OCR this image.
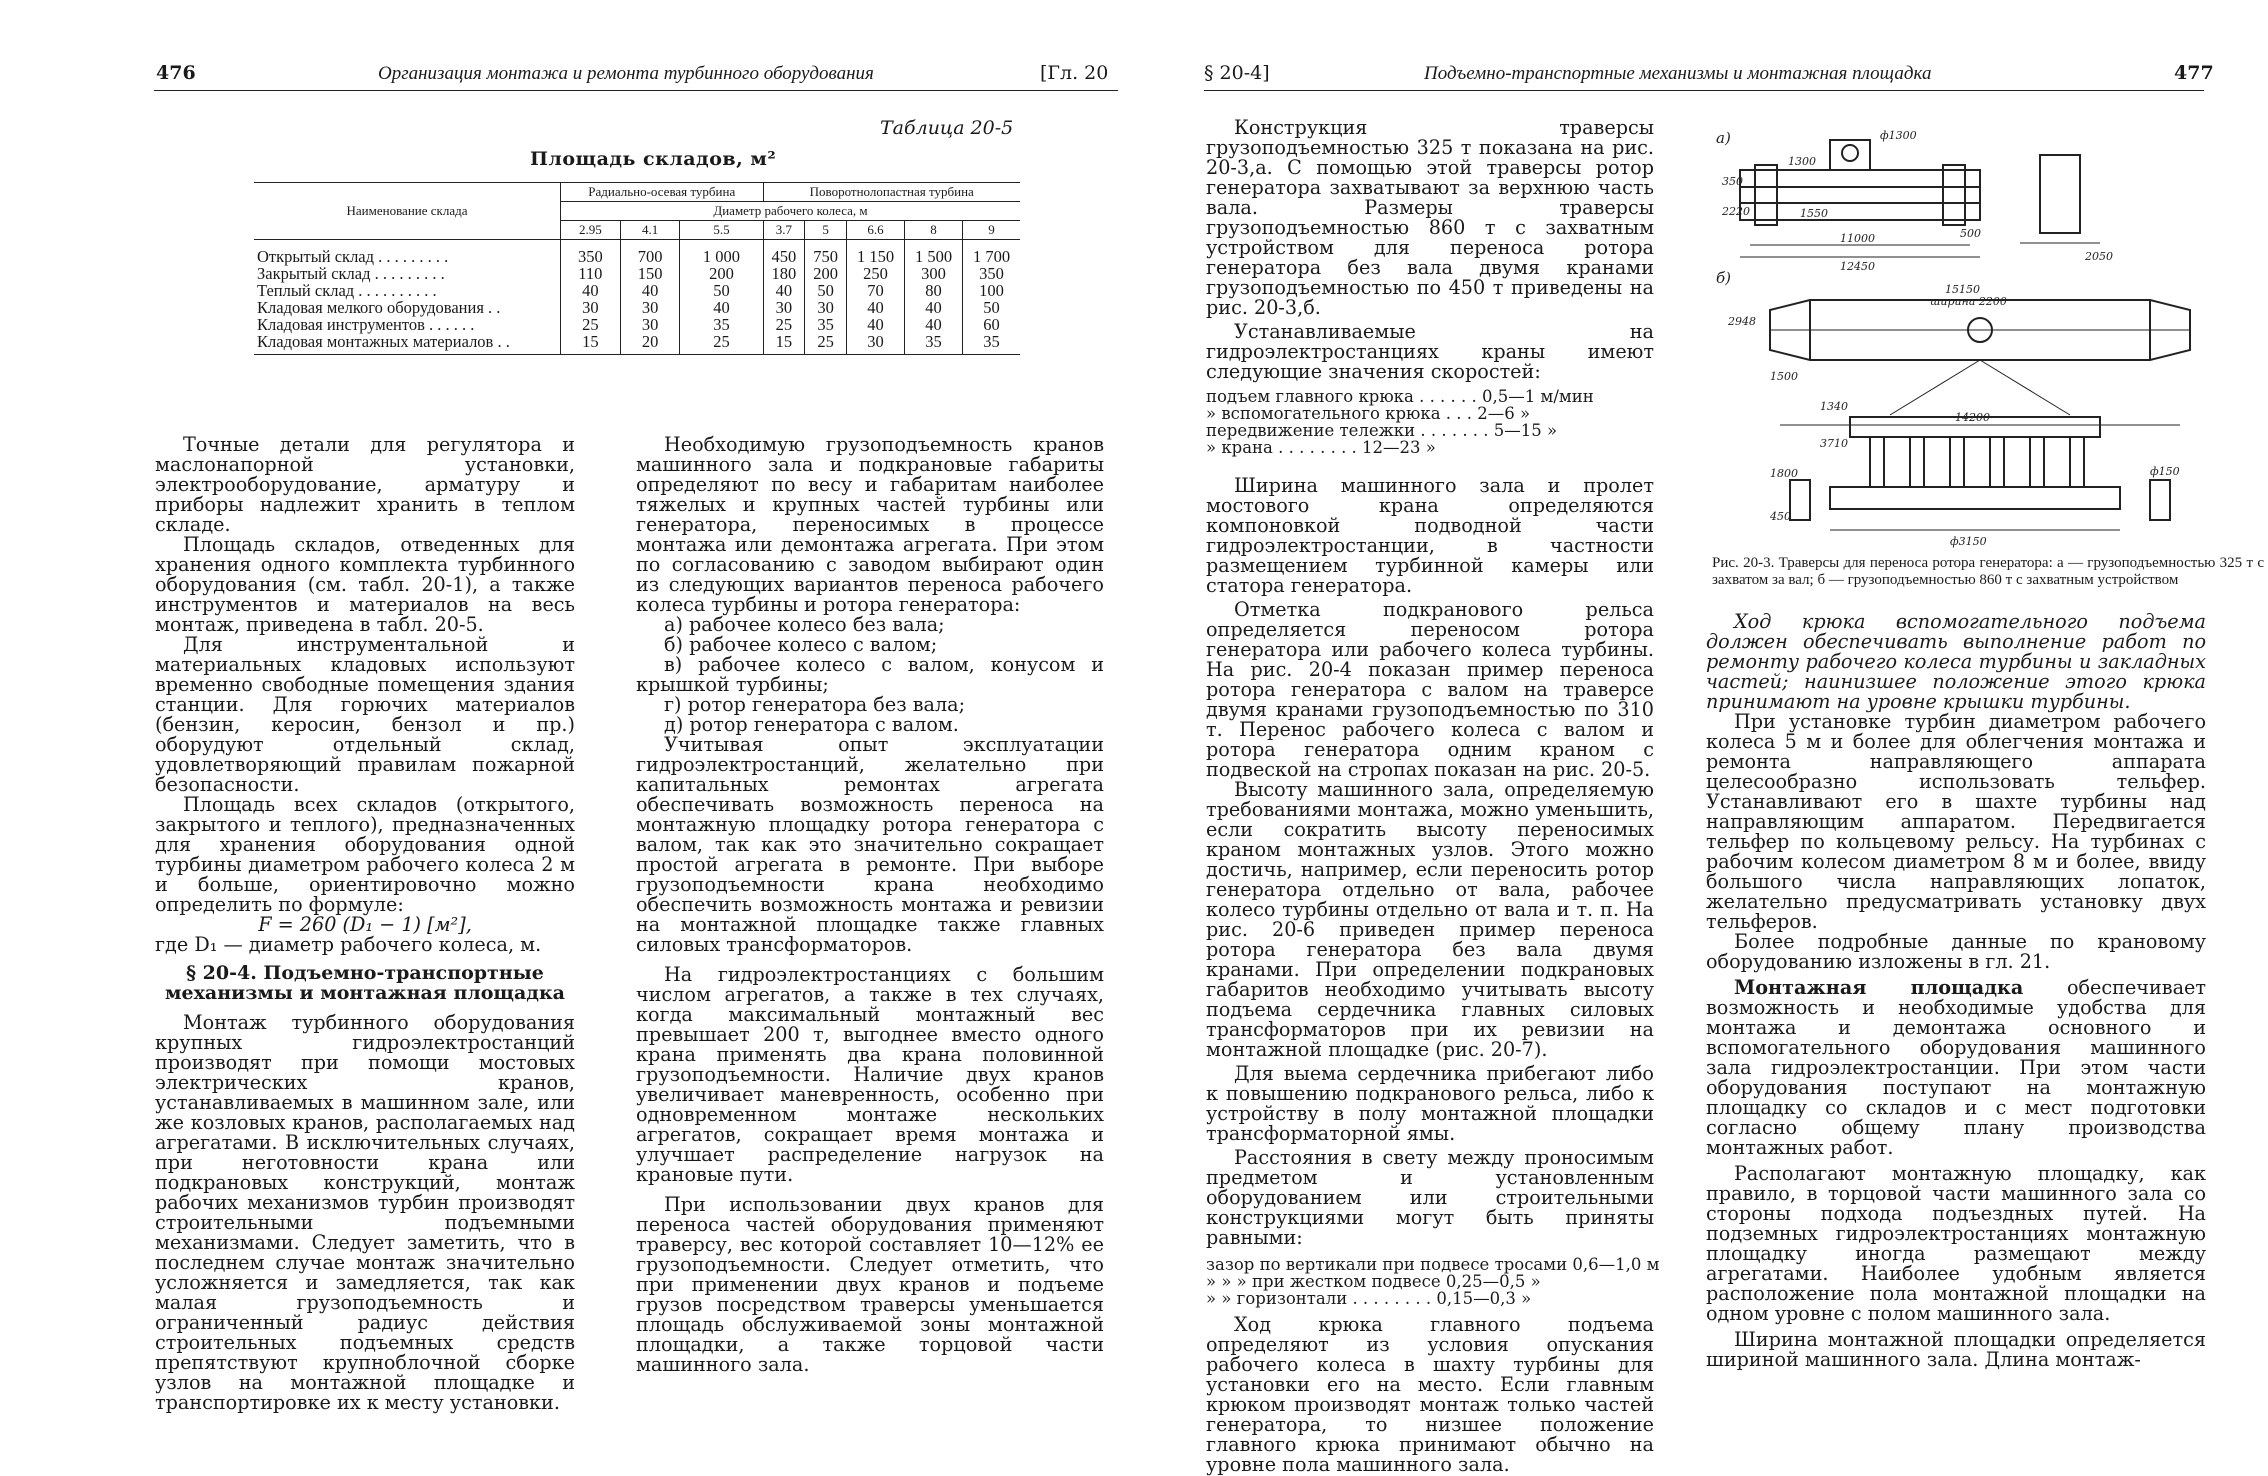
476	Организация монтажа и ремонта турбинного оборудования	[Гл. 20
Таблица 20-5
Площадь складов, м²
Наименование склада	Радиально-осевая турбина			Поворотнолопастная турбина				
	Диаметр рабочего колеса, м							
	2.95	4.1	5.5	3.7	5	6.6	8	9
Открытый склад . . . . . . . . .	350	700	1 000	450	750	1 150	1 500	1 700
Закрытый склад . . . . . . . . .	110	150	200	180	200	250	300	350
Теплый склад . . . . . . . . . .	40	40	50	40	50	70	80	100
Кладовая мелкого оборудования . .	30	30	40	30	30	40	40	50
Кладовая инструментов . . . . . .	25	30	35	25	35	40	40	60
Кладовая монтажных материалов . .	15	20	25	15	25	30	35	35

Точные детали для регулятора и маслонапорной установки, электрооборудование, арматуру и приборы надлежит хранить в теплом складе.

Площадь складов, отведенных для хранения одного комплекта турбинного оборудования (см. табл. 20-1), а также инструментов и материалов на весь монтаж, приведена в табл. 20-5.

Для инструментальной и материальных кладовых используют временно свободные помещения здания станции. Для горючих материалов (бензин, керосин, бензол и пр.) оборудуют отдельный склад, удовлетворяющий правилам пожарной безопасности.

Площадь всех складов (открытого, закрытого и теплого), предназначенных для хранения оборудования одной турбины диаметром рабочего колеса 2 м и больше, ориентировочно можно определить по формуле:

F = 260 (D₁ − 1) [м²],

где D₁ — диаметр рабочего колеса, м.

§ 20-4. Подъемно-транспортные механизмы и монтажная площадка

Монтаж турбинного оборудования крупных гидроэлектростанций производят при помощи мостовых электрических кранов, устанавливаемых в машинном зале, или же козловых кранов, располагаемых над агрегатами. В исключительных случаях, при неготовности крана или подкрановых конструкций, монтаж рабочих механизмов турбин производят строительными подъемными механизмами. Следует заметить, что в последнем случае монтаж значительно усложняется и замедляется, так как малая грузоподъемность и ограниченный радиус действия строительных подъемных средств препятствуют крупноблочной сборке узлов на монтажной площадке и транспортировке их к месту установки.

Необходимую грузоподъемность кранов машинного зала и подкрановые габариты определяют по весу и габаритам наиболее тяжелых и крупных частей турбины или генератора, переносимых в процессе монтажа или демонтажа агрегата. При этом по согласованию с заводом выбирают один из следующих вариантов переноса рабочего колеса турбины и ротора генератора:

а) рабочее колесо без вала;

б) рабочее колесо с валом;

в) рабочее колесо с валом, конусом и крышкой турбины;

г) ротор генератора без вала;

д) ротор генератора с валом.

Учитывая опыт эксплуатации гидроэлектростанций, желательно при капитальных ремонтах агрегата обеспечивать возможность переноса на монтажную площадку ротора генератора с валом, так как это значительно сокращает простой агрегата в ремонте. При выборе грузоподъемности крана необходимо обеспечить возможность монтажа и ревизии на монтажной площадке также главных силовых трансформаторов.

На гидроэлектростанциях с большим числом агрегатов, а также в тех случаях, когда максимальный монтажный вес превышает 200 т, выгоднее вместо одного крана применять два крана половинной грузоподъемности. Наличие двух кранов увеличивает маневренность, особенно при одновременном монтаже нескольких агрегатов, сокращает время монтажа и улучшает распределение нагрузок на крановые пути.

При использовании двух кранов для переноса частей оборудования применяют траверсу, вес которой составляет 10—12% ее грузоподъемности. Следует отметить, что при применении двух кранов и подъеме грузов посредством траверсы уменьшается площадь обслуживаемой зоны монтажной площадки, а также торцовой части машинного зала.

§ 20-4]	Подъемно-транспортные механизмы и монтажная площадка	477

Конструкция траверсы грузоподъемностью 325 т показана на рис. 20-3,а. С помощью этой траверсы ротор генератора захватывают за верхнюю часть вала. Размеры траверсы грузоподъемностью 860 т с захватным устройством для переноса ротора генератора без вала двумя кранами грузоподъемностью по 450 т приведены на рис. 20-3,б.

Устанавливаемые на гидроэлектростанциях краны имеют следующие значения скоростей:

подъем главного крюка . . . . . . 0,5—1 м/мин
» вспомогательного крюка . . . 2—6 »
передвижение тележки . . . . . . . 5—15 »
» крана . . . . . . . . 12—23 »

Ширина машинного зала и пролет мостового крана определяются компоновкой подводной части гидроэлектростанции, в частности размещением турбинной камеры или статора генератора.

Отметка подкранового рельса определяется переносом ротора генератора или рабочего колеса турбины. На рис. 20-4 показан пример переноса ротора генератора с валом на траверсе двумя кранами грузоподъемностью по 310 т. Перенос рабочего колеса с валом и ротора генератора одним краном с подвеской на стропах показан на рис. 20-5.

Высоту машинного зала, определяемую требованиями монтажа, можно уменьшить, если сократить высоту переносимых краном монтажных узлов. Этого можно достичь, например, если переносить ротор генератора отдельно от вала, рабочее колесо турбины отдельно от вала и т. п. На рис. 20-6 приведен пример переноса ротора генератора без вала двумя кранами. При определении подкрановых габаритов необходимо учитывать высоту подъема сердечника главных силовых трансформаторов при их ревизии на монтажной площадке (рис. 20-7).

Для выема сердечника прибегают либо к повышению подкранового рельса, либо к устройству в полу монтажной площадки трансформаторной ямы.

Расстояния в свету между проносимым предметом и установленным оборудованием или строительными конструкциями могут быть приняты равными:

зазор по вертикали при подвесе тросами 0,6—1,0 м
» » » при жестком подвесе 0,25—0,5 »
» » горизонтали . . . . . . . . 0,15—0,3 »

Ход крюка главного подъема определяют из условия опускания рабочего колеса в шахту турбины для установки его на место. Если главным крюком производят монтаж только частей генератора, то низшее положение главного крюка принимают обычно на уровне пола машинного зала.

а)
б)
ф1300
350
1300
1550
2220
500
11000
12450
2050
15150
ширина 2200
2948
14200
1340
1500
3710
1800	ф150
ф3150
450
Рис. 20-3. Траверсы для переноса ротора генератора: а — грузоподъемностью 325 т с захватом за вал; б — грузоподъемностью 860 т с захватным устройством

Ход крюка вспомогательного подъема должен обеспечивать выполнение работ по ремонту рабочего колеса турбины и закладных частей; наинизшее положение этого крюка принимают на уровне крышки турбины.

При установке турбин диаметром рабочего колеса 5 м и более для облегчения монтажа и ремонта направляющего аппарата целесообразно использовать тельфер. Устанавливают его в шахте турбины над направляющим аппаратом. Передвигается тельфер по кольцевому рельсу. На турбинах с рабочим колесом диаметром 8 м и более, ввиду большого числа направляющих лопаток, желательно предусматривать установку двух тельферов.

Более подробные данные по крановому оборудованию изложены в гл. 21.

Монтажная площадка обеспечивает возможность и необходимые удобства для монтажа и демонтажа основного и вспомогательного оборудования машинного зала гидроэлектростанции. При этом части оборудования поступают на монтажную площадку со складов и с мест подготовки согласно общему плану производства монтажных работ.

Располагают монтажную площадку, как правило, в торцовой части машинного зала со стороны подхода подъездных путей. На подземных гидроэлектростанциях монтажную площадку иногда размещают между агрегатами. Наиболее удобным является расположение пола монтажной площадки на одном уровне с полом машинного зала.

Ширина монтажной площадки определяется шириной машинного зала. Длина монтаж-
